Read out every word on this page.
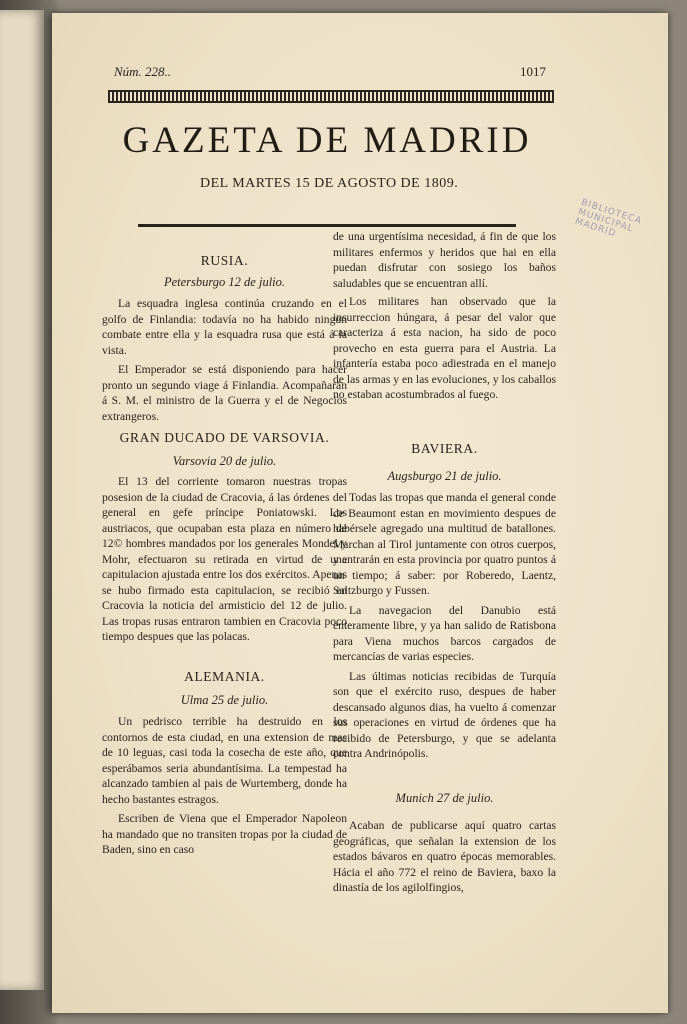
Núm. 228..	1017
GAZETA DE MADRID
DEL MARTES 15 DE AGOSTO DE 1809.
BIBLIOTECA MUNICIPAL MADRID
RUSIA.
Petersburgo 12 de julio.

La esquadra inglesa continúa cruzando en el golfo de Finlandia: todavía no ha habido ningun combate entre ella y la esquadra rusa que está á la vista.

El Emperador se está disponiendo para hacer pronto un segundo viage á Finlandia. Acompañarán á S. M. el ministro de la Guerra y el de Negocios extrangeros.

GRAN DUCADO DE VARSOVIA.
Varsovia 20 de julio.

El 13 del corriente tomaron nuestras tropas posesion de la ciudad de Cracovia, á las órdenes del general en gefe príncipe Poniatowski. Los austriacos, que ocupaban esta plaza en número de 12© hombres mandados por los generales Mondel y Mohr, efectuaron su retirada en virtud de una capitulacion ajustada entre los dos exércitos. Apenas se hubo firmado esta capitulacion, se recibió en Cracovia la noticia del armisticio del 12 de julio. Las tropas rusas entraron tambien en Cracovia poco tiempo despues que las polacas.

ALEMANIA.
Ulma 25 de julio.

Un pedrisco terrible ha destruido en los contornos de esta ciudad, en una extension de mas de 10 leguas, casi toda la cosecha de este año, que esperábamos seria abundantísima. La tempestad ha alcanzado tambien al pais de Wurtemberg, donde ha hecho bastantes estragos.

Escriben de Viena que el Emperador Napoleon ha mandado que no transiten tropas por la ciudad de Baden, sino en caso

de una urgentísima necesidad, á fin de que los militares enfermos y heridos que hai en ella puedan disfrutar con sosiego los baños saludables que se encuentran allí.

Los militares han observado que la insurreccion húngara, á pesar del valor que caracteriza á esta nacion, ha sido de poco provecho en esta guerra para el Austria. La infantería estaba poco adiestrada en el manejo de las armas y en las evoluciones, y los caballos no estaban acostumbrados al fuego.

BAVIERA.
Augsburgo 21 de julio.

Todas las tropas que manda el general conde de Beaumont estan en movimiento despues de habérsele agregado una multitud de batallones. Marchan al Tirol juntamente con otros cuerpos, y entrarán en esta provincia por quatro puntos á un tiempo; á saber: por Roberedo, Laentz, Saltzburgo y Fussen.

La navegacion del Danubio está enteramente libre, y ya han salido de Ratisbona para Viena muchos barcos cargados de mercancías de varias especies.

Las últimas noticias recibidas de Turquía son que el exército ruso, despues de haber descansado algunos dias, ha vuelto á comenzar sus operaciones en virtud de órdenes que ha recibido de Petersburgo, y que se adelanta contra Andrinópolis.

Munich 27 de julio.

Acaban de publicarse aquí quatro cartas geográficas, que señalan la extension de los estados bávaros en quatro épocas memorables. Hácia el año 772 el reino de Baviera, baxo la dinastía de los agilolfingios,
